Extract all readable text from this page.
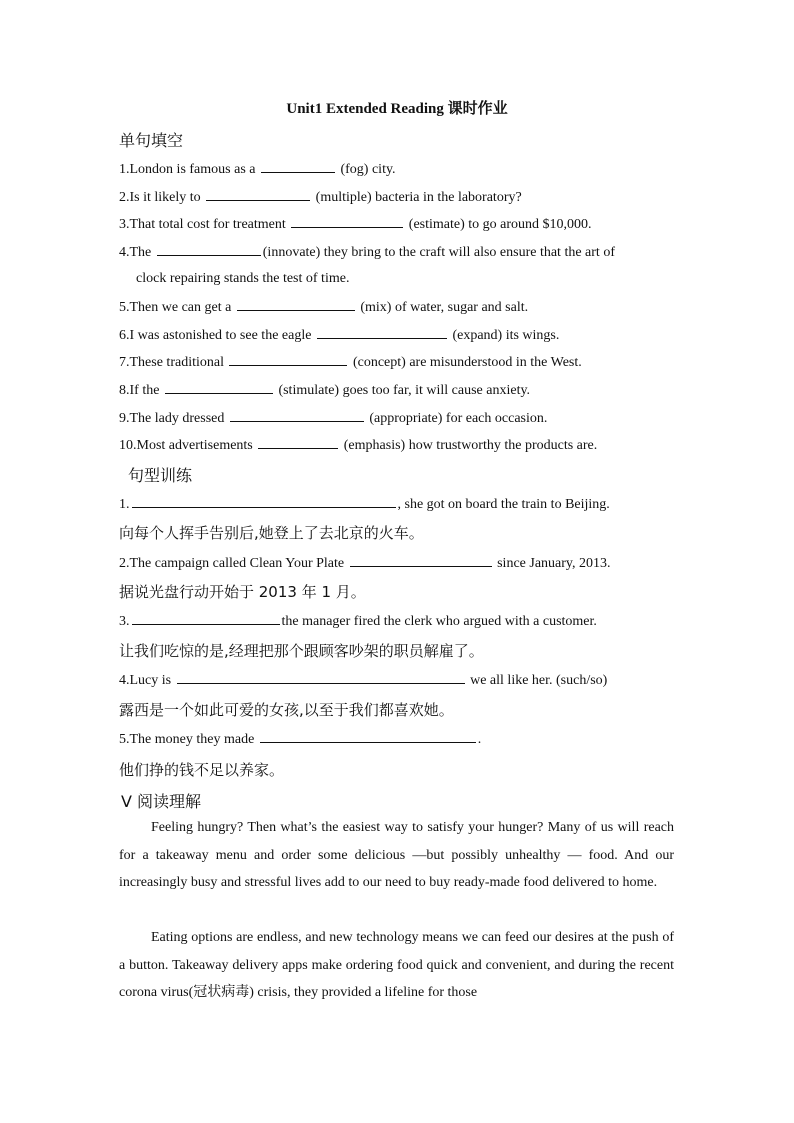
Unit1 Extended Reading 课时作业
单句填空
1.London is famous as a	(fog) city.
2.Is it likely to	(multiple) bacteria in the laboratory?
3.That total cost for treatment	(estimate) to go around $10,000.
4.The	(innovate) they bring to the craft will also ensure that the art of
clock repairing stands the test of time.
5.Then we can get a	(mix) of water, sugar and salt.
6.I was astonished to see the eagle	(expand) its wings.
7.These traditional	(concept) are misunderstood in the West.
8.If the	(stimulate) goes too far, it will cause anxiety.
9.The lady dressed	(appropriate) for each occasion.
10.Most advertisements	(emphasis) how trustworthy the products are.
句型训练
1.	, she got on board the train to Beijing.
向每个人挥手告别后,她登上了去北京的火车。
2.The campaign called Clean Your Plate	since January, 2013.
据说光盘行动开始于 2013 年 1 月。
3.	the manager fired the clerk who argued with a customer.
让我们吃惊的是,经理把那个跟顾客吵架的职员解雇了。
4.Lucy is	we all like her. (such/so)
露西是一个如此可爱的女孩,以至于我们都喜欢她。
5.The money they made	.
他们挣的钱不足以养家。
Ⅴ 阅读理解
Feeling hungry? Then what’s the easiest way to satisfy your hunger? Many of us will reach for a takeaway menu and order some delicious —but possibly unhealthy — food. And our increasingly busy and stressful lives add to our need to buy ready-made food delivered to home.
Eating options are endless, and new technology means we can feed our desires at the push of a button. Takeaway delivery apps make ordering food quick and convenient, and during the recent corona virus(冠状病毒) crisis, they provided a lifeline for those
